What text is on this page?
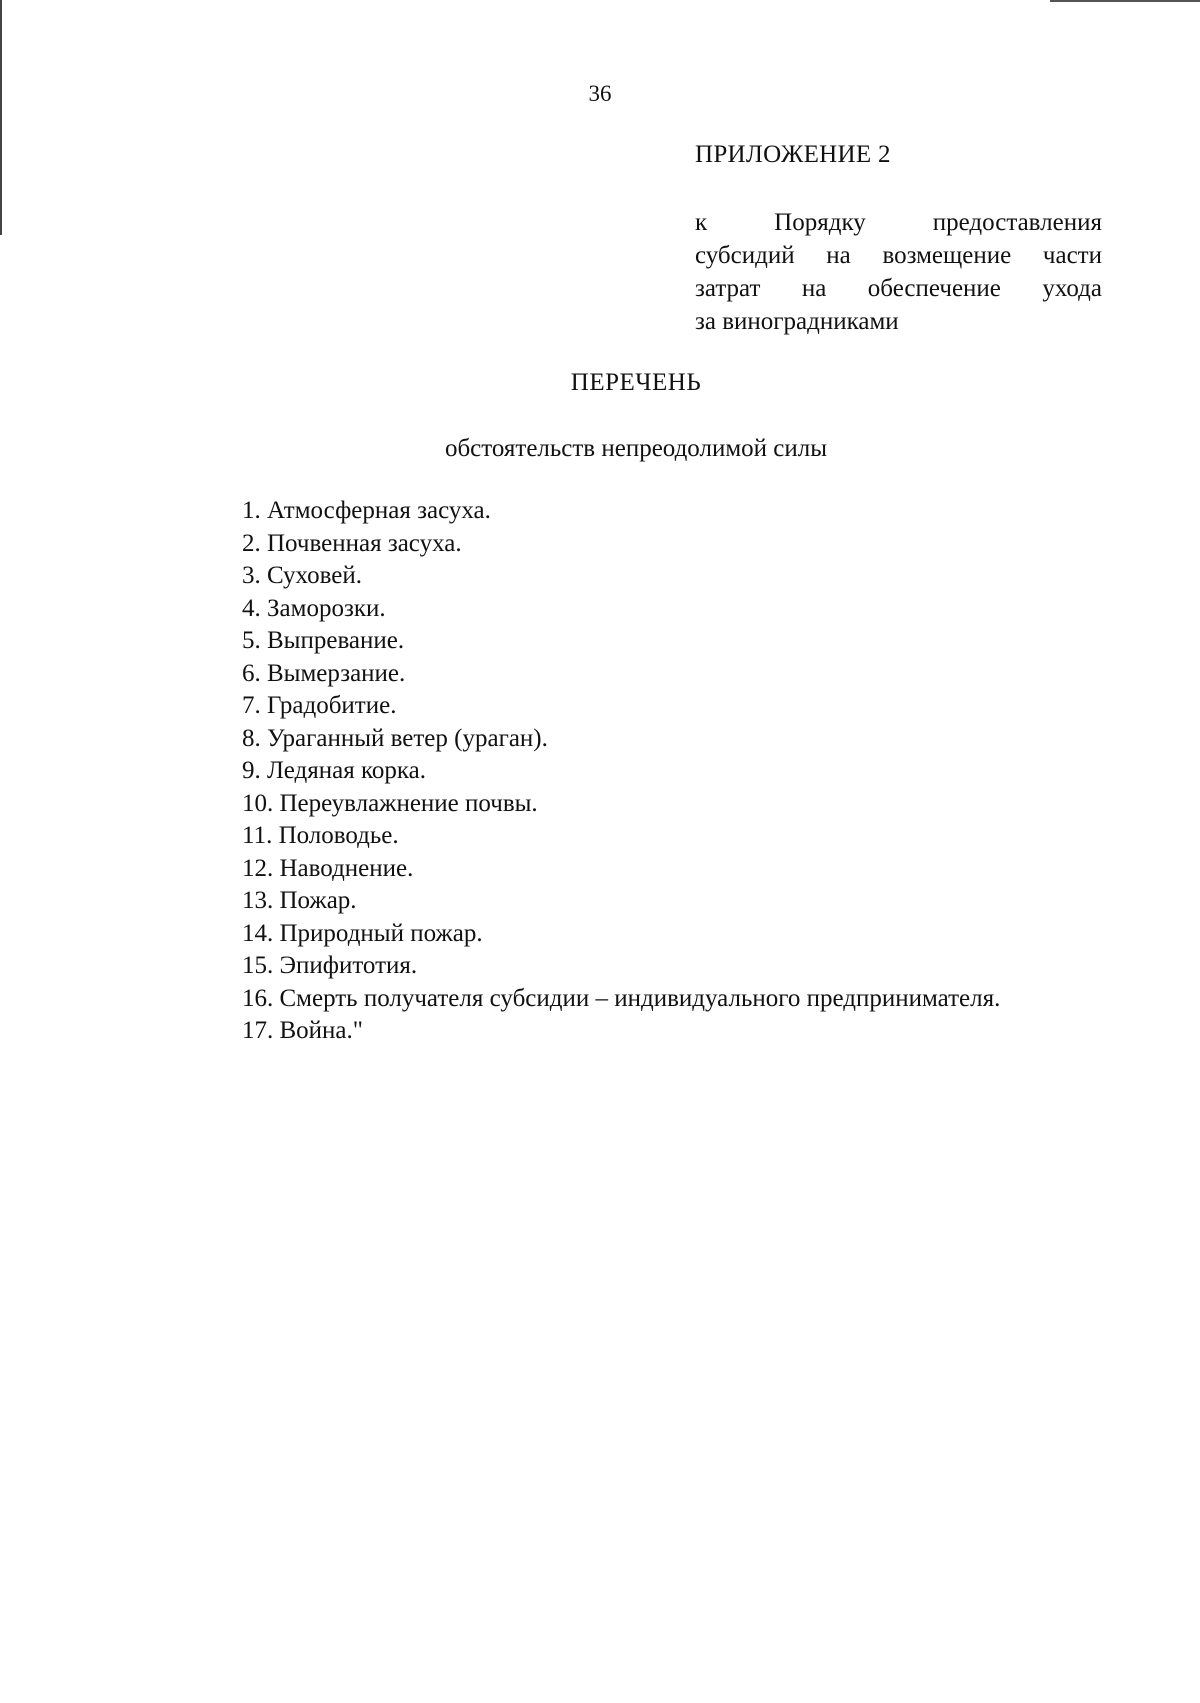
36
ПРИЛОЖЕНИЕ 2
к Порядку предоставления
субсидий на возмещение части
затрат на обеспечение ухода
за виноградниками
ПЕРЕЧЕНЬ
обстоятельств непреодолимой силы
1. Атмосферная засуха.
2. Почвенная засуха.
3. Суховей.
4. Заморозки.
5. Выпревание.
6. Вымерзание.
7. Градобитие.
8. Ураганный ветер (ураган).
9. Ледяная корка.
10. Переувлажнение почвы.
11. Половодье.
12. Наводнение.
13. Пожар.
14. Природный пожар.
15. Эпифитотия.
16. Смерть получателя субсидии – индивидуального предпринимателя.
17. Война."
